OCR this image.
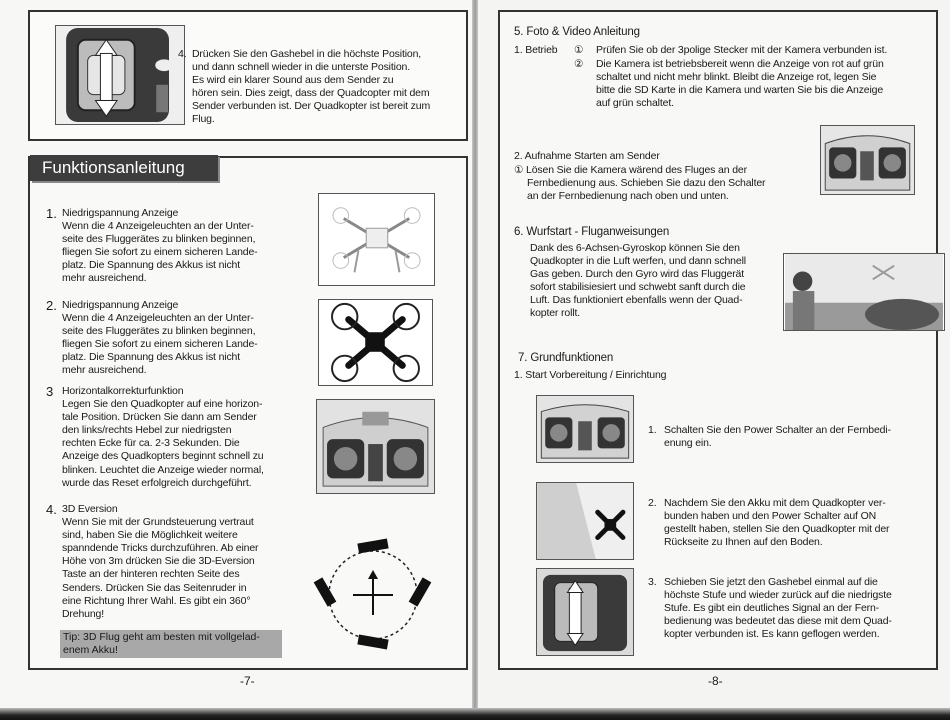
4. Drücken Sie den Gashebel in die höchste Position,
und dann schnell wieder in die unterste Position.
Es wird ein klarer Sound aus dem Sender zu
hören sein. Dies zeigt, dass der Quadcopter mit dem
Sender verbunden ist. Der Quadkopter ist bereit zum
Flug.
Funktionsanleitung
1. Niedrigspannung Anzeige
Wenn die 4 Anzeigeleuchten an der Unter-
seite des Fluggerätes zu blinken beginnen,
fliegen Sie sofort zu einem sicheren Lande-
platz. Die Spannung des Akkus ist nicht
mehr ausreichend.
2. Niedrigspannung Anzeige
Wenn die 4 Anzeigeleuchten an der Unter-
seite des Fluggerätes zu blinken beginnen,
fliegen Sie sofort zu einem sicheren Lande-
platz. Die Spannung des Akkus ist nicht
mehr ausreichend.
3 Horizontalkorrekturfunktion
Legen Sie den Quadkopter auf eine horizon-
tale Position. Drücken Sie dann am Sender
den links/rechts Hebel zur niedrigsten
rechten Ecke für ca. 2-3 Sekunden. Die
Anzeige des Quadkopters beginnt schnell zu
blinken. Leuchtet die Anzeige wieder normal,
wurde das Reset erfolgreich durchgeführt.
4. 3D Eversion
Wenn Sie mit der Grundsteuerung vertraut
sind, haben Sie die Möglichkeit weitere
spanndende Tricks durchzuführen. Ab einer
Höhe von 3m drücken Sie die 3D-Eversion
Taste an der hinteren rechten Seite des
Senders. Drücken Sie das Seitenruder in
eine Richtung Ihrer Wahl. Es gibt ein 360°
Drehung!
Tip: 3D Flug geht am besten mit vollgelad-
enem Akku!
-7-
5. Foto & Video Anleitung
1. Betrieb ① Prüfen Sie ob der 3polige Stecker mit der Kamera verbunden ist.
② Die Kamera ist betriebsbereit wenn die Anzeige von rot auf grün
schaltet und nicht mehr blinkt. Bleibt die Anzeige rot, legen Sie
bitte die SD Karte in die Kamera und warten Sie bis die Anzeige
auf grün schaltet.
2. Aufnahme Starten am Sender
① Lösen Sie die Kamera wärend des Fluges an der
Fernbedienung aus. Schieben Sie dazu den Schalter
an der Fernbedienung nach oben und unten.
6. Wurfstart - Fluganweisungen
Dank des 6-Achsen-Gyroskop können Sie den
Quadkopter in die Luft werfen, und dann schnell
Gas geben. Durch den Gyro wird das Fluggerät
sofort stabilisiesiert und schwebt sanft durch die
Luft. Das funktioniert ebenfalls wenn der Quad-
kopter rollt.
7. Grundfunktionen
1. Start Vorbereitung / Einrichtung
1. Schalten Sie den Power Schalter an der Fernbedi-
enung ein.
2. Nachdem Sie den Akku mit dem Quadkopter ver-
bunden haben und den Power Schalter auf ON
gestellt haben, stellen Sie den Quadkopter mit der
Rückseite zu Ihnen auf den Boden.
3. Schieben Sie jetzt den Gashebel einmal auf die
höchste Stufe und wieder zurück auf die niedrigste
Stufe. Es gibt ein deutliches Signal an der Fern-
bedienung was bedeutet das diese mit dem Quad-
kopter verbunden ist. Es kann geflogen werden.
-8-
